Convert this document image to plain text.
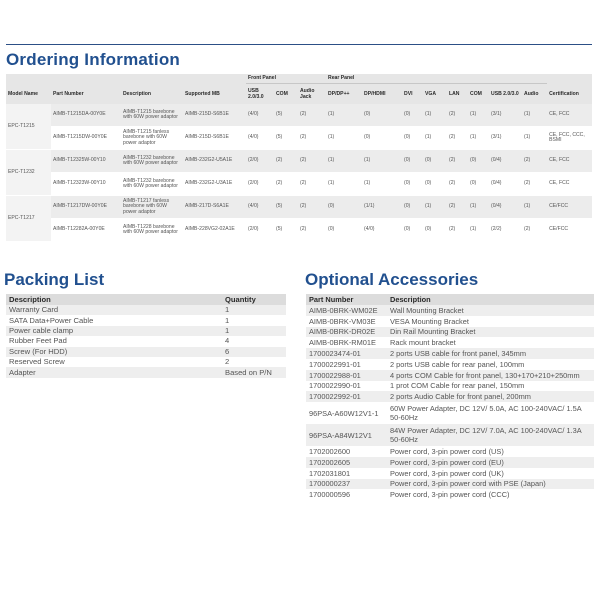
Ordering Information
				Front Panel			Rear Panel								
Model Name	Part Number	Description	Supported MB	USB 2.0/3.0	COM	Audio Jack	DP/DP++	DP/HDMI	DVI	VGA	LAN	COM	USB 2.0/3.0	Audio	Certification
EPC-T1215	AIMB-T1215DA-00Y0E	AIMB-T1215 barebone with 60W power adaptor	AIMB-215D-S6B1E	(4/0)	(5)	(2)	(1)	(0)	(0)	(1)	(2)	(1)	(3/1)	(1)	CE, FCC
	AIMB-T1215DW-00Y0E	AIMB-T1215 fanless barebone with 60W power adaptor	AIMB-215D-S6B1E	(4/0)	(5)	(2)	(1)	(0)	(0)	(1)	(2)	(1)	(3/1)	(1)	CE, FCC, CCC, BSMI
EPC-T1232	AIMB-T12325W-00Y10	AIMB-T1232 barebone with 60W power adaptor	AIMB-232G2-U5A1E	(2/0)	(2)	(2)	(1)	(1)	(0)	(0)	(2)	(0)	(0/4)	(2)	CE, FCC
	AIMB-T12323W-00Y10	AIMB-T1232 barebone with 60W power adaptor	AIMB-232G2-U3A1E	(2/0)	(2)	(2)	(1)	(1)	(0)	(0)	(2)	(0)	(0/4)	(2)	CE, FCC
EPC-T1217	AIMB-T1217DW-00Y0E	AIMB-T1217 fanless barebone with 60W power adaptor	AIMB-217D-S6A1E	(4/0)	(5)	(2)	(0)	(1/1)	(0)	(1)	(2)	(1)	(0/4)	(1)	CE/FCC
	AIMB-T12282A-00Y0E	AIMB-T1228 barebone with 60W power adaptor	AIMB-228VG2-02A1E	(2/0)	(5)	(2)	(0)	(4/0)	(0)	(0)	(2)	(1)	(2/2)	(2)	CE/FCC
Packing List
Description	Quantity
Warranty Card	1
SATA Data+Power Cable	1
Power cable clamp	1
Rubber Feet Pad	4
Screw (For HDD)	6
Reserved Screw	2
Adapter	Based on P/N
Optional Accessories
Part Number	Description
AIMB-0BRK-WM02E	Wall Mounting Bracket
AIMB-0BRK-VM03E	VESA Mounting Bracket
AIMB-0BRK-DR02E	Din Rail Mounting Bracket
AIMB-0BRK-RM01E	Rack mount bracket
1700023474-01	2 ports USB cable for front panel, 345mm
1700022991-01	2 ports USB cable for rear panel, 100mm
1700022988-01	4 ports COM Cable for front panel, 130+170+210+250mm
1700022990-01	1 prot COM Cable for rear panel, 150mm
1700022992-01	2 ports Audio Cable for front panel, 200mm
96PSA-A60W12V1-1	60W Power Adapter, DC 12V/ 5.0A, AC 100-240VAC/ 1.5A 50-60Hz
96PSA-A84W12V1	84W Power Adapter, DC 12V/ 7.0A, AC 100-240VAC/ 1.3A 50-60Hz
1702002600	Power cord, 3-pin power cord (US)
1702002605	Power cord, 3-pin power cord (EU)
1702031801	Power cord, 3-pin power cord (UK)
1700000237	Power cord, 3-pin power cord with PSE (Japan)
1700000596	Power cord, 3-pin power cord (CCC)
